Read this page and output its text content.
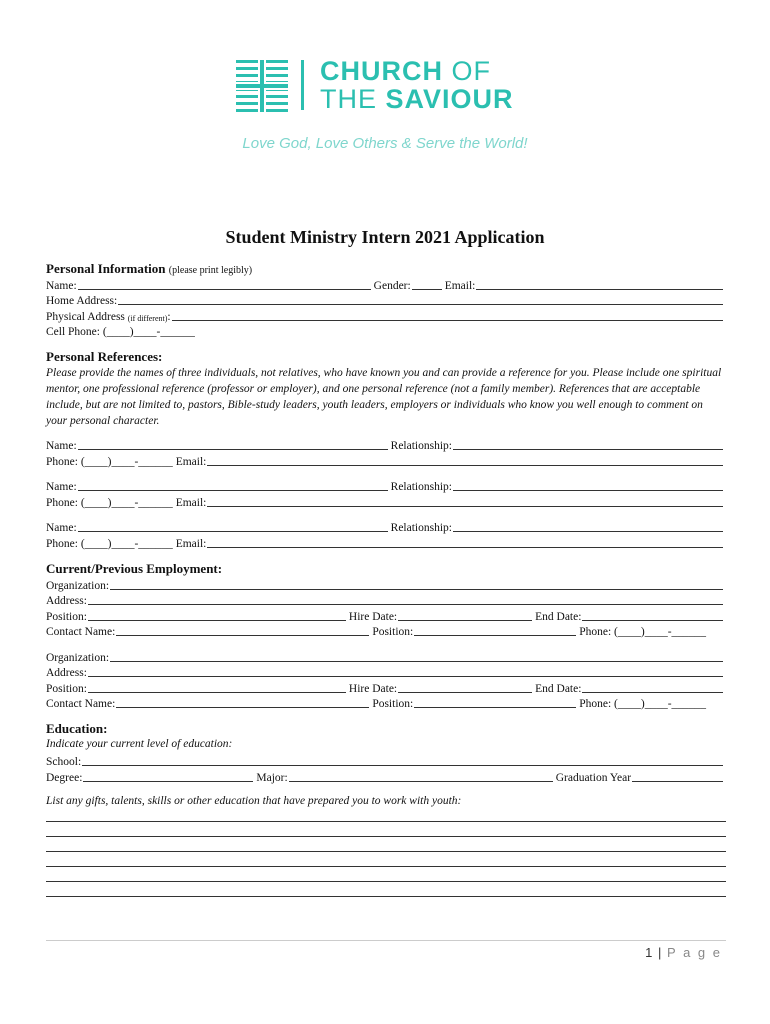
CHURCH OF
THE SAVIOUR
Love God, Love Others & Serve the World!
Student Ministry Intern 2021 Application
Personal Information (please print legibly)
Name:	Gender:	Email:
Home Address:
Physical Address
(if different) :
Cell Phone: (____)____-______
Personal References:
Please provide the names of three individuals, not relatives, who have known you and can provide a reference for you. Please include one spiritual mentor, one professional reference (professor or employer), and one personal reference (not a family member). References that are acceptable include, but are not limited to, pastors, Bible-study leaders, youth leaders, employers or individuals who know you well enough to comment on your personal character.
Name:	Relationship:
Phone: (____)____-______
Email:
Name:	Relationship:
Phone: (____)____-______
Email:
Name:	Relationship:
Phone: (____)____-______
Email:
Current/Previous Employment:
Organization:
Address:
Position:	Hire Date:	End Date:
Contact Name:	Position:	Phone: (____)____-______
Organization:
Address:
Position:	Hire Date:	End Date:
Contact Name:	Position:	Phone: (____)____-______
Education:
Indicate your current level of education:
School:
Degree:	Major:	Graduation Year
List any gifts, talents, skills or other education that have prepared you to work with youth:
1 | P a g e
